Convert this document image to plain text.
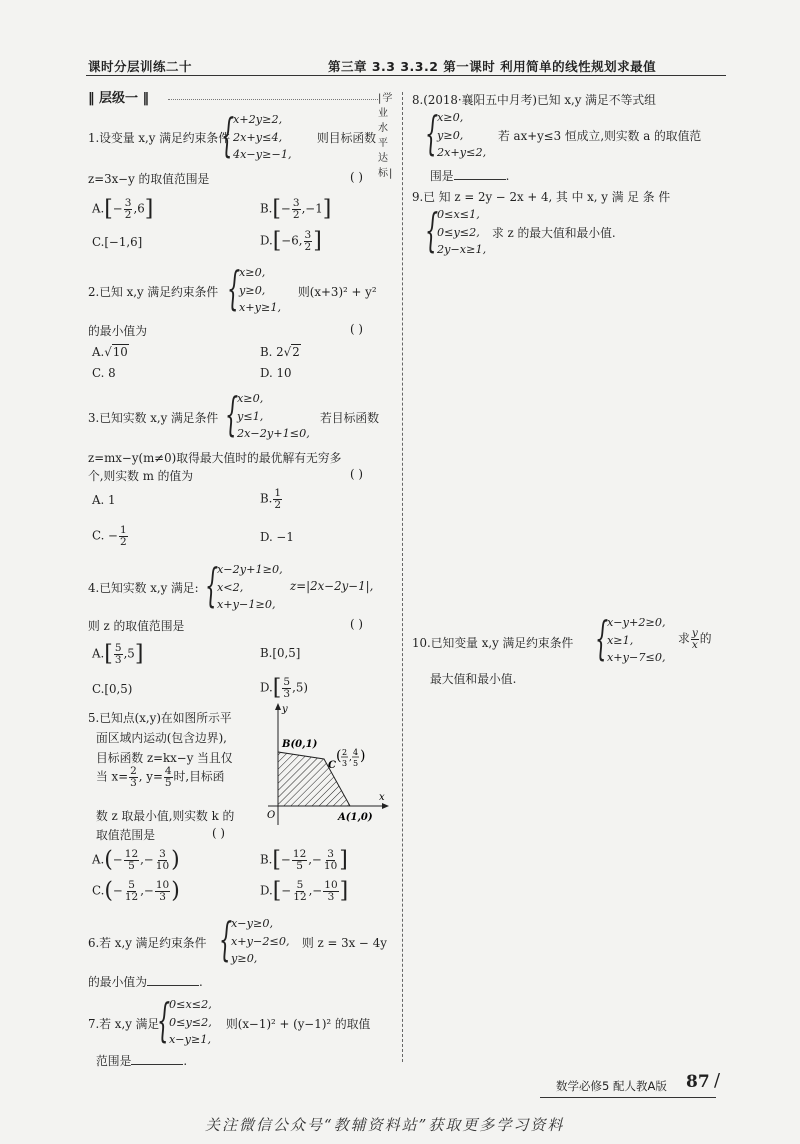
课时分层训练二十	第三章 3.3 3.3.2 第一课时 利用简单的线性规划求最值
‖ 层级一 ‖	|学业水平达标|
1.设变量 x,y 满足约束条件
{ x+2y≥2,
2x+y≤4,
4x−y≥−1,
则目标函数
z=3x−y 的取值范围是	( )
$A.[- \frac{3}{2} ,6]$	$B.[- \frac{3}{2} ,-1]$
C.[−1,6]	D.[−6, $\frac{3}{2}$ ]
2.已知 x,y 满足约束条件
{ x≥0,
y≥0,
x+y≥1,
则(x+3)² + y²
的最小值为	( )
A.√10	B. 2√2
C. 8	D. 10
3.已知实数 x,y 满足条件
{ x≥0,
y≤1,
2x−2y+1≤0,
若目标函数
z=mx−y(m≠0)取得最大值时的最优解有无穷多
个,则实数 m 的值为	( )
A. 1	B. $\frac{1}{2}$
C. − $\frac{1}{2}$	D. −1
4.已知实数 x,y 满足:
{ x−2y+1≥0,
x<2,
x+y−1≥0,
z=|2x−2y−1|,
则 z 的取值范围是	( )
$A.[ \frac{5}{3} ,5]$	B.[0,5]
C.[0,5)	$D.[ \frac{5}{3} ,5)$
5.已知点(x,y)在如图所示平
面区域内运动(包含边界),
目标函数 z=kx−y 当且仅
当 $x= \frac{2}{3}$ , $y= \frac{4}{5}$ 时,目标函
数 z 取最小值,则实数 k 的
取值范围是	( )
y
x
O
B(0,1)
C
( 2
3
,
4
5 )
A(1,0)
$A.(- \frac{12}{5}$ ,− $\frac{3}{10}$ )	$B.[- \frac{12}{5}$ ,− $\frac{3}{10}$ ]
$C.(- \frac{5}{12}$ ,− $\frac{10}{3}$ )	$D.[- \frac{5}{12}$ ,− $\frac{10}{3}$ ]
6.若 x,y 满足约束条件
{ x−y≥0,
x+y−2≤0,
y≥0,
则 z = 3x − 4y
的最小值为	.
7.若 x,y 满足
{ 0≤x≤2,
0≤y≤2,
x−y≥1,
则(x−1)² + (y−1)² 的取值
范围是	.
8.(2018·襄阳五中月考)已知 x,y 满足不等式组
{ x≥0,
y≥0,
2x+y≤2,
若 ax+y≤3 恒成立,则实数 a 的取值范
围是	.
9.已 知 z = 2y − 2x + 4, 其 中 x, y 满 足 条 件
{ 0≤x≤1,
0≤y≤2,
2y−x≥1,
求 z 的最大值和最小值.
10.已知变量 x,y 满足约束条件
{ x−y+2≥0,
x≥1,
x+y−7≤0,
求 $\frac{y}{x}$ 的
最大值和最小值.
数学必修5 配人教A版 87 /
关注微信公众号“教辅资料站”获取更多学习资料
